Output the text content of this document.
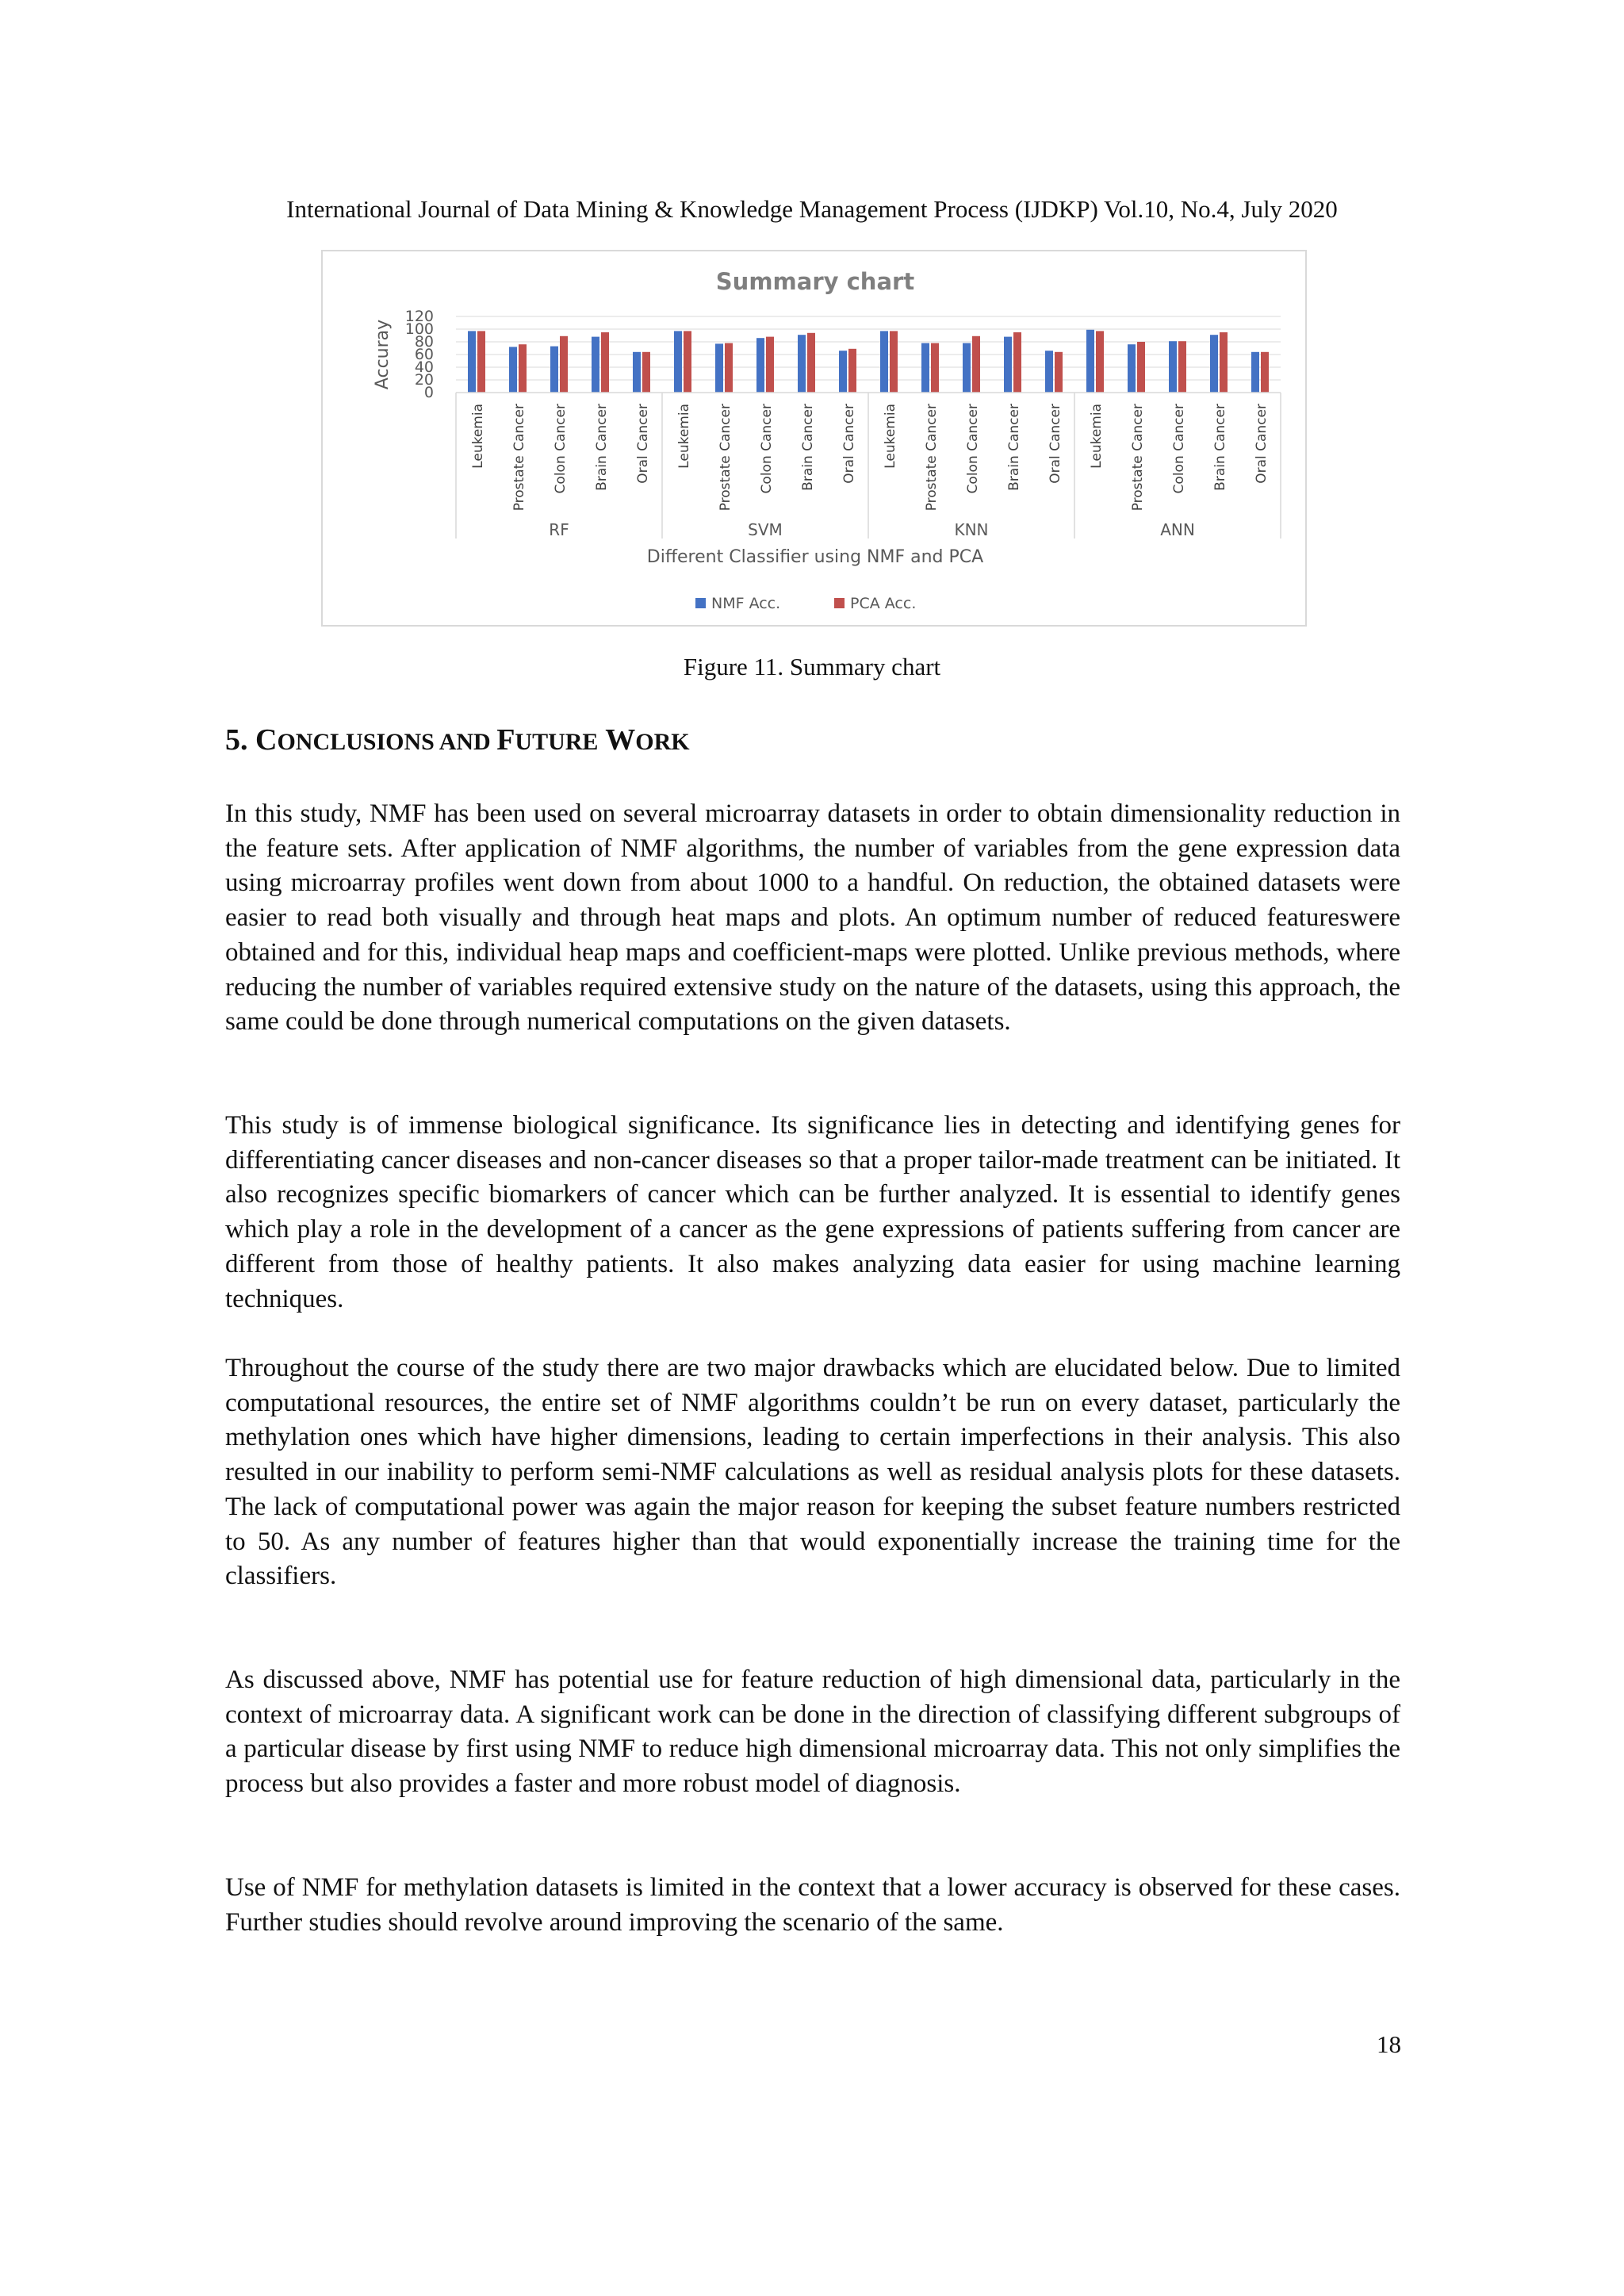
International Journal of Data Mining & Knowledge Management Process (IJDKP) Vol.10, No.4, July 2020
Summary chart
0
20
40
60
80
100
120
Accuray
Leukemia Prostate Cancer Colon Cancer Brain Cancer Oral Cancer Leukemia Prostate Cancer Colon Cancer Brain Cancer Oral Cancer Leukemia Prostate Cancer Colon Cancer Brain Cancer Oral Cancer Leukemia Prostate Cancer Colon Cancer Brain Cancer Oral Cancer
RF	SVM	KNN	ANN
Different Classifier using NMF and PCA
NMF Acc.	PCA Acc.
Figure 11. Summary chart
5. CONCLUSIONS AND FUTURE WORK

In this study, NMF has been used on several microarray datasets in order to obtain dimensionality reduction in the feature sets. After application of NMF algorithms, the number of variables from the gene expression data using microarray profiles went down from about 1000 to a handful. On reduction, the obtained datasets were easier to read both visually and through heat maps and plots. An optimum number of reduced featureswere obtained and for this, individual heap maps and coefficient-maps were plotted. Unlike previous methods, where reducing the number of variables required extensive study on the nature of the datasets, using this approach, the same could be done through numerical computations on the given datasets.

This study is of immense biological significance. Its significance lies in detecting and identifying genes for differentiating cancer diseases and non-cancer diseases so that a proper tailor-made treatment can be initiated. It also recognizes specific biomarkers of cancer which can be further analyzed. It is essential to identify genes which play a role in the development of a cancer as the gene expressions of patients suffering from cancer are different from those of healthy patients. It also makes analyzing data easier for using machine learning techniques.

Throughout the course of the study there are two major drawbacks which are elucidated below. Due to limited computational resources, the entire set of NMF algorithms couldn’t be run on every dataset, particularly the methylation ones which have higher dimensions, leading to certain imperfections in their analysis. This also resulted in our inability to perform semi-NMF calculations as well as residual analysis plots for these datasets. The lack of computational power was again the major reason for keeping the subset feature numbers restricted to 50. As any number of features higher than that would exponentially increase the training time for the classifiers.

As discussed above, NMF has potential use for feature reduction of high dimensional data, particularly in the context of microarray data. A significant work can be done in the direction of classifying different subgroups of a particular disease by first using NMF to reduce high dimensional microarray data. This not only simplifies the process but also provides a faster and more robust model of diagnosis.

Use of NMF for methylation datasets is limited in the context that a lower accuracy is observed for these cases. Further studies should revolve around improving the scenario of the same.

18
